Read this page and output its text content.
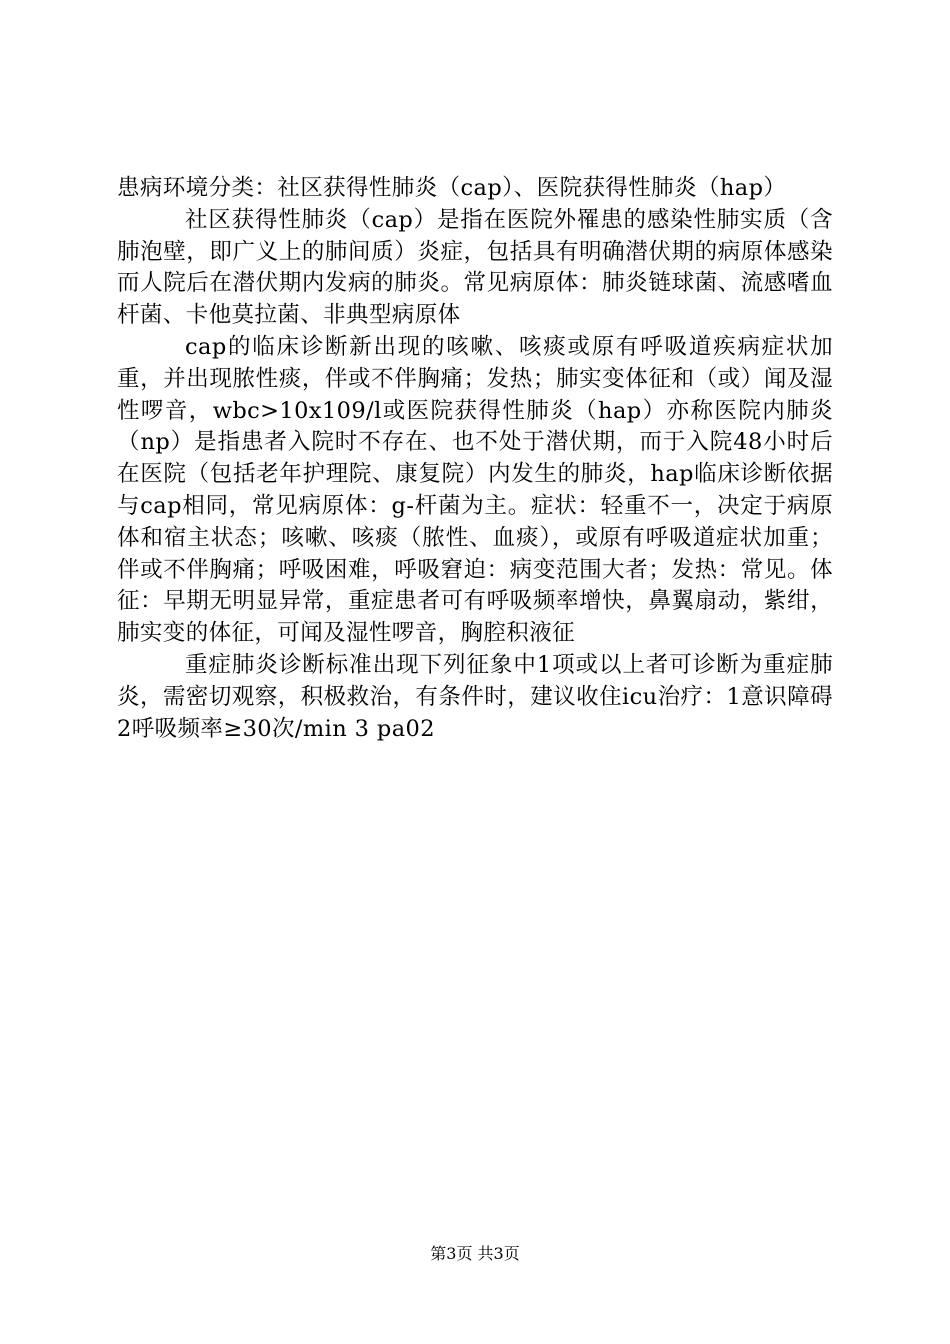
患病环境分类：社区获得性肺炎（cap）、医院获得性肺炎（hap）

社区获得性肺炎（cap）是指在医院外罹患的感染性肺实质（含肺泡壁，即广义上的肺间质）炎症，包括具有明确潜伏期的病原体感染而人院后在潜伏期内发病的肺炎。常见病原体：肺炎链球菌、流感嗜血杆菌、卡他莫拉菌、非典型病原体

cap的临床诊断新出现的咳嗽、咳痰或原有呼吸道疾病症状加重，并出现脓性痰，伴或不伴胸痛；发热；肺实变体征和（或）闻及湿性啰音，wbc>10x109/l或医院获得性肺炎（hap）亦称医院内肺炎（np）是指患者入院时不存在、也不处于潜伏期，而于入院48小时后在医院（包括老年护理院、康复院）内发生的肺炎，hap临床诊断依据与cap相同，常见病原体：g-杆菌为主。症状：轻重不一，决定于病原体和宿主状态；咳嗽、咳痰（脓性、血痰），或原有呼吸道症状加重；伴或不伴胸痛；呼吸困难，呼吸窘迫：病变范围大者；发热：常见。体征：早期无明显异常，重症患者可有呼吸频率增快，鼻翼扇动，紫绀，肺实变的体征，可闻及湿性啰音，胸腔积液征

重症肺炎诊断标准出现下列征象中1项或以上者可诊断为重症肺炎，需密切观察，积极救治，有条件时，建议收住icu治疗：1意识障碍2呼吸频率≥30次/min 3 pa02

第3页 共3页
